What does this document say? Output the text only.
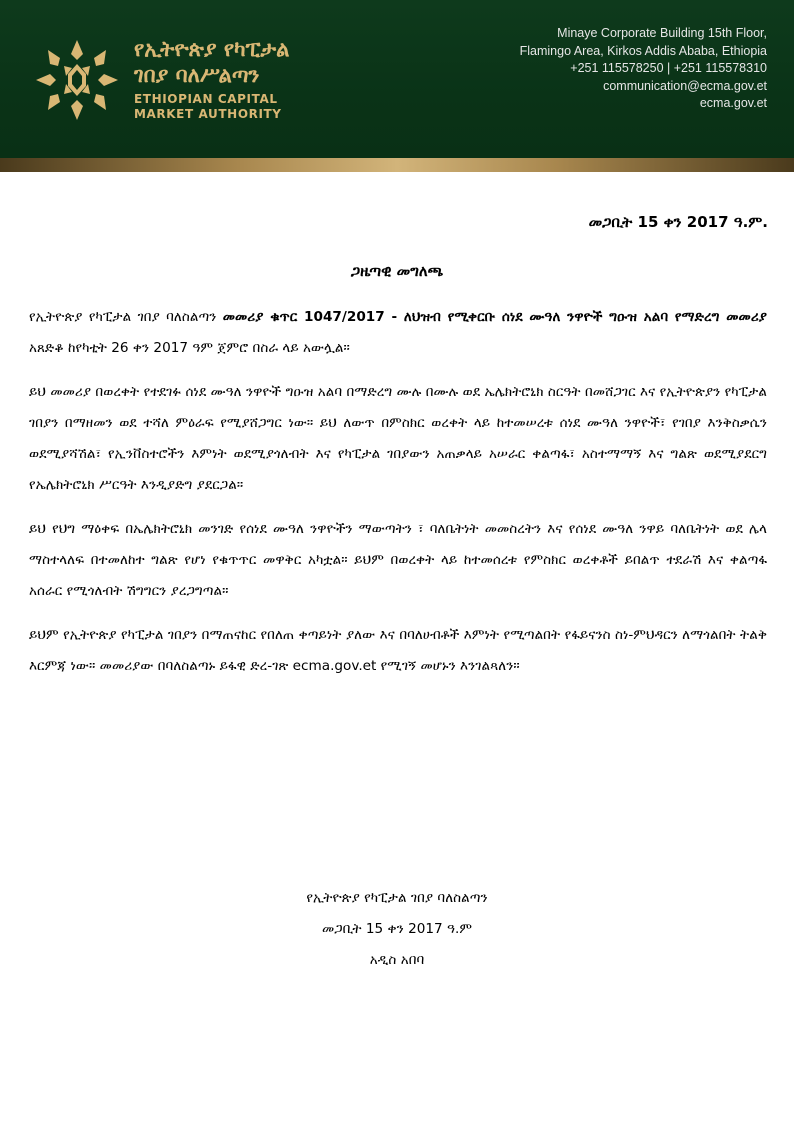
የኢትዮጵያ የካፒታል
ገበያ ባለሥልጣን
ETHIOPIAN CAPITAL
MARKET AUTHORITY
Minaye Corporate Building 15th Floor,
Flamingo Area, Kirkos Addis Ababa, Ethiopia
+251 115578250 | +251 115578310
communication@ecma.gov.et
ecma.gov.et
መጋቢት 15 ቀን 2017 ዓ.ም.
ጋዜጣዊ መግለጫ

የኢትዮጵያ የካፒታል ገበያ ባለስልጣን መመሪያ ቁጥር 1047/2017 - ለህዝብ የሚቀርቡ ሰነደ ሙዓለ ንዋዮች ግዑዝ አልባ የማድረግ መመሪያ አጸድቆ ከየካቲት 26 ቀን 2017 ዓም ጀምሮ በስራ ላይ አውሏል።

ይህ መመሪያ በወረቀት የተደገፉ ሰነደ ሙዓለ ንዋዮች ግዑዝ አልባ በማድረግ ሙሉ በሙሉ ወደ ኤሌክትሮኒክ ስርዓት በመሸጋገር እና የኢትዮጵያን የካፒታል ገበያን በማዘመን ወደ ተሻለ ምዕራፍ የሚያሸጋግር ነው። ይህ ለውጥ በምስክር ወረቀት ላይ ከተመሠረቱ ሰነደ ሙዓለ ንዋዮች፣ የገበያ እንቅስቃሴን ወደሚያሻሽል፣ የኢንቨስተሮችን እምነት ወደሚያጎለብት እና የካፒታል ገበያውን አጠቃላይ አሠራር ቀልጣፋ፣ አስተማማኝ እና ግልጽ ወደሚያደርግ የኤሌክትሮኒክ ሥርዓት እንዲያድግ ያደርጋል።

ይህ የህግ ማዕቀፍ በኤሌክትሮኒክ መንገድ የሰነደ ሙዓለ ንዋዮችን ማውጣትን ፣ ባለቤትነት መመስረትን እና የሰነደ ሙዓለ ንዋይ ባለቤትነት ወደ ሌላ ማስተላለፍ በተመለከተ ግልጽ የሆነ የቁጥጥር መዋቅር አካቷል። ይህም በወረቀት ላይ ከተመሰረቱ የምስክር ወረቀቶች ይበልጥ ተደራሽ እና ቀልጣፋ አሰራር የሚጎለብት ሽግግርን ያረጋግጣል።

ይህም የኢትዮጵያ የካፒታል ገበያን በማጠናከር የበለጠ ቀጣይነት ያለው እና በባለሀብቶች እምነት የሚጣልበት የፋይናንስ ስነ-ምህዳርን ለማጎልበት ትልቅ እርምጃ ነው። መመሪያው በባለስልጣኑ ይፋዊ ድረ-ገጽ ecma.gov.et የሚገኝ መሆኑን እንገልጻለን።

የኢትዮጵያ የካፒታል ገበያ ባለስልጣን
መጋቢት 15 ቀን 2017 ዓ.ም
አዲስ አበባ
